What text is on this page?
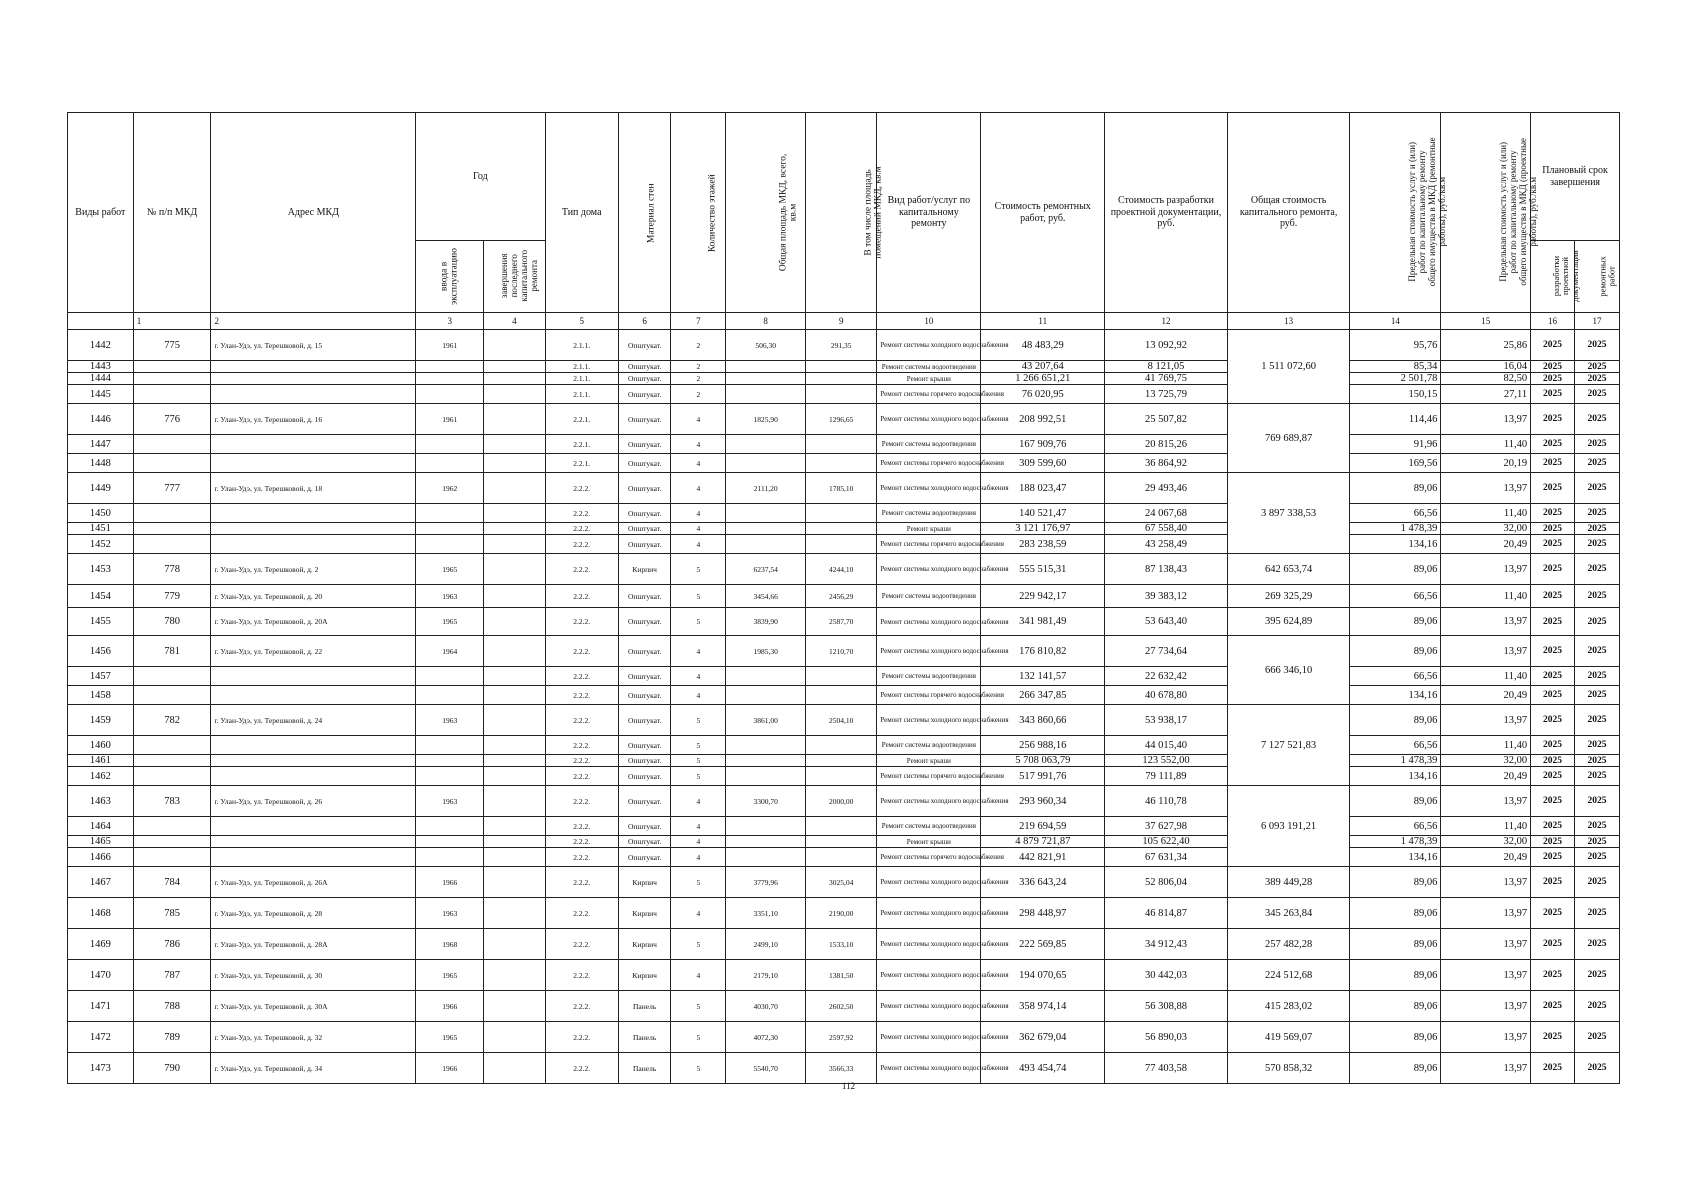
Виды работ	№ п/п МКД	Адрес МКД	Год		Тип дома	Материал стен	Количество этажей	Общая площадь МКД, всего, кв.м	В том числе площадь помещений МКД, кв.м	Вид работ/услуг по капитальному ремонту	Стоимость ремонтных работ, руб.	Стоимость разработки проектной документации, руб.	Общая стоимость капитального ремонта, руб.	Предельная стоимость услуг и (или) работ по капитальному ремонту общего имущества в МКД (ремонтные работы), руб./кв.м	Предельная стоимость услуг и (или) работ по капитальному ремонту общего имущества в МКД (проектные работы), руб./кв.м	Плановый срок завершения	
			ввода в эксплуатацию	завершения последнего капитального ремонта												разработки проектной документации	ремонтных работ
	1	2	3	4	5	6	7	8	9	10	11	12	13	14	15	16	17
1442	775	г. Улан-Удэ, ул. Терешковой, д. 15	1961		2.1.1.	Општукат.	2	506,30	291,35	Ремонт системы холодного водоснабжения	48 483,29	13 092,92	1 511 072,60	95,76	25,86	2025	2025
1443					2.1.1.	Општукат.	2			Ремонт системы водоотведения	43 207,64	8 121,05		85,34	16,04	2025	2025
1444					2.1.1.	Општукат.	2			Ремонт крыши	1 266 651,21	41 769,75		2 501,78	82,50	2025	2025
1445					2.1.1.	Општукат.	2			Ремонт системы горячего водоснабжения	76 020,95	13 725,79		150,15	27,11	2025	2025
1446	776	г. Улан-Удэ, ул. Терешковой, д. 16	1961		2.2.1.	Општукат.	4	1825,90	1296,65	Ремонт системы холодного водоснабжения	208 992,51	25 507,82	769 689,87	114,46	13,97	2025	2025
1447					2.2.1.	Општукат.	4			Ремонт системы водоотведения	167 909,76	20 815,26		91,96	11,40	2025	2025
1448					2.2.1.	Општукат.	4			Ремонт системы горячего водоснабжения	309 599,60	36 864,92		169,56	20,19	2025	2025
1449	777	г. Улан-Удэ, ул. Терешковой, д. 18	1962		2.2.2.	Општукат.	4	2111,20	1785,10	Ремонт системы холодного водоснабжения	188 023,47	29 493,46	3 897 338,53	89,06	13,97	2025	2025
1450					2.2.2.	Општукат.	4			Ремонт системы водоотведения	140 521,47	24 067,68		66,56	11,40	2025	2025
1451					2.2.2.	Општукат.	4			Ремонт крыши	3 121 176,97	67 558,40		1 478,39	32,00	2025	2025
1452					2.2.2.	Општукат.	4			Ремонт системы горячего водоснабжения	283 238,59	43 258,49		134,16	20,49	2025	2025
1453	778	г. Улан-Удэ, ул. Терешковой, д. 2	1965		2.2.2.	Кирпич	5	6237,54	4244,10	Ремонт системы холодного водоснабжения	555 515,31	87 138,43	642 653,74	89,06	13,97	2025	2025
1454	779	г. Улан-Удэ, ул. Терешковой, д. 20	1963		2.2.2.	Општукат.	5	3454,66	2456,29	Ремонт системы водоотведения	229 942,17	39 383,12	269 325,29	66,56	11,40	2025	2025
1455	780	г. Улан-Удэ, ул. Терешковой, д. 20А	1965		2.2.2.	Општукат.	5	3839,90	2587,70	Ремонт системы холодного водоснабжения	341 981,49	53 643,40	395 624,89	89,06	13,97	2025	2025
1456	781	г. Улан-Удэ, ул. Терешковой, д. 22	1964		2.2.2.	Општукат.	4	1985,30	1210,70	Ремонт системы холодного водоснабжения	176 810,82	27 734,64	666 346,10	89,06	13,97	2025	2025
1457					2.2.2.	Општукат.	4			Ремонт системы водоотведения	132 141,57	22 632,42		66,56	11,40	2025	2025
1458					2.2.2.	Општукат.	4			Ремонт системы горячего водоснабжения	266 347,85	40 678,80		134,16	20,49	2025	2025
1459	782	г. Улан-Удэ, ул. Терешковой, д. 24	1963		2.2.2.	Општукат.	5	3861,00	2504,10	Ремонт системы холодного водоснабжения	343 860,66	53 938,17	7 127 521,83	89,06	13,97	2025	2025
1460					2.2.2.	Општукат.	5			Ремонт системы водоотведения	256 988,16	44 015,40		66,56	11,40	2025	2025
1461					2.2.2.	Општукат.	5			Ремонт крыши	5 708 063,79	123 552,00		1 478,39	32,00	2025	2025
1462					2.2.2.	Општукат.	5			Ремонт системы горячего водоснабжения	517 991,76	79 111,89		134,16	20,49	2025	2025
1463	783	г. Улан-Удэ, ул. Терешковой, д. 26	1963		2.2.2.	Општукат.	4	3300,70	2000,00	Ремонт системы холодного водоснабжения	293 960,34	46 110,78	6 093 191,21	89,06	13,97	2025	2025
1464					2.2.2.	Општукат.	4			Ремонт системы водоотведения	219 694,59	37 627,98		66,56	11,40	2025	2025
1465					2.2.2.	Општукат.	4			Ремонт крыши	4 879 721,87	105 622,40		1 478,39	32,00	2025	2025
1466					2.2.2.	Општукат.	4			Ремонт системы горячего водоснабжения	442 821,91	67 631,34		134,16	20,49	2025	2025
1467	784	г. Улан-Удэ, ул. Терешковой, д. 26А	1966		2.2.2.	Кирпич	5	3779,96	3025,04	Ремонт системы холодного водоснабжения	336 643,24	52 806,04	389 449,28	89,06	13,97	2025	2025
1468	785	г. Улан-Удэ, ул. Терешковой, д. 28	1963		2.2.2.	Кирпич	4	3351,10	2190,00	Ремонт системы холодного водоснабжения	298 448,97	46 814,87	345 263,84	89,06	13,97	2025	2025
1469	786	г. Улан-Удэ, ул. Терешковой, д. 28А	1968		2.2.2.	Кирпич	5	2499,10	1533,10	Ремонт системы холодного водоснабжения	222 569,85	34 912,43	257 482,28	89,06	13,97	2025	2025
1470	787	г. Улан-Удэ, ул. Терешковой, д. 30	1965		2.2.2.	Кирпич	4	2179,10	1381,50	Ремонт системы холодного водоснабжения	194 070,65	30 442,03	224 512,68	89,06	13,97	2025	2025
1471	788	г. Улан-Удэ, ул. Терешковой, д. 30А	1966		2.2.2.	Панель	5	4030,70	2602,50	Ремонт системы холодного водоснабжения	358 974,14	56 308,88	415 283,02	89,06	13,97	2025	2025
1472	789	г. Улан-Удэ, ул. Терешковой, д. 32	1965		2.2.2.	Панель	5	4072,30	2597,92	Ремонт системы холодного водоснабжения	362 679,04	56 890,03	419 569,07	89,06	13,97	2025	2025
1473	790	г. Улан-Удэ, ул. Терешковой, д. 34	1966		2.2.2.	Панель	5	5540,70	3566,33	Ремонт системы холодного водоснабжения	493 454,74	77 403,58	570 858,32	89,06	13,97	2025	2025
112
